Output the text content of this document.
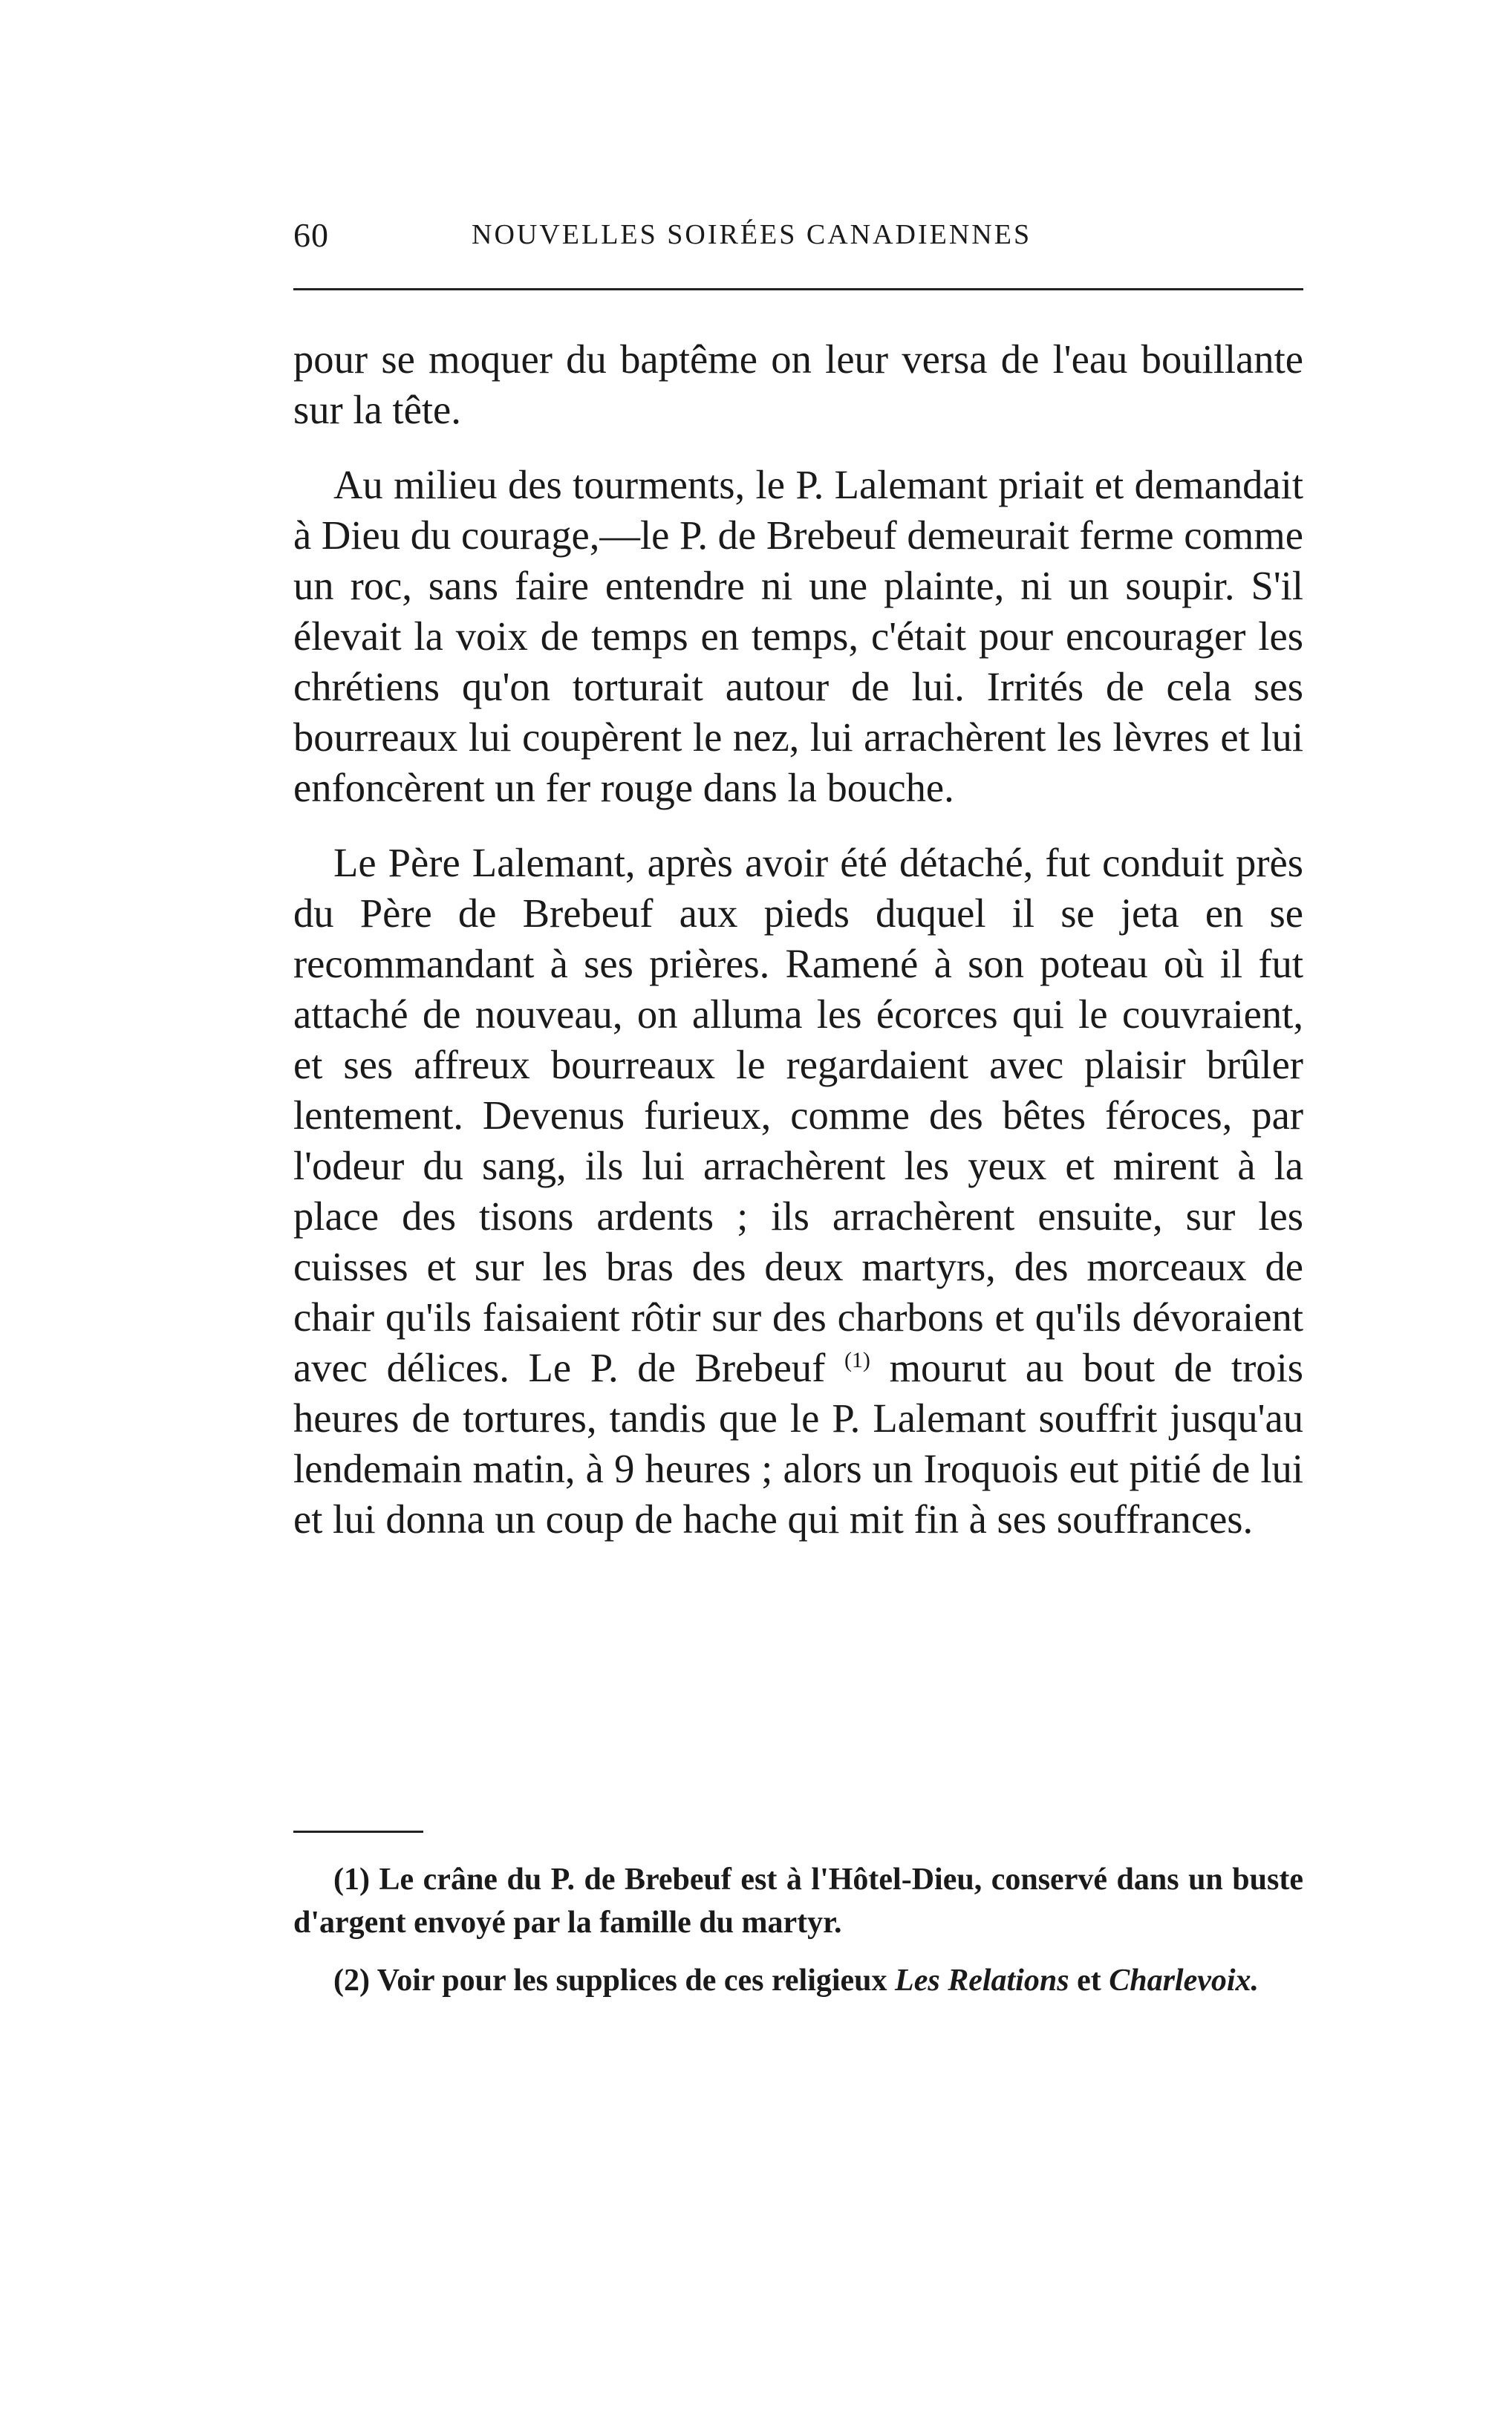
60	NOUVELLES SOIRÉES CANADIENNES

pour se moquer du baptême on leur versa de l'eau bouillante sur la tête.

Au milieu des tourments, le P. Lalemant priait et demandait à Dieu du courage,—le P. de Brebeuf demeurait ferme comme un roc, sans faire entendre ni une plainte, ni un soupir. S'il élevait la voix de temps en temps, c'était pour encourager les chrétiens qu'on torturait autour de lui. Irrités de cela ses bourreaux lui coupèrent le nez, lui arrachèrent les lèvres et lui enfoncèrent un fer rouge dans la bouche.

Le Père Lalemant, après avoir été détaché, fut conduit près du Père de Brebeuf aux pieds duquel il se jeta en se recommandant à ses prières. Ramené à son poteau où il fut attaché de nouveau, on alluma les écorces qui le couvraient, et ses affreux bourreaux le regardaient avec plaisir brûler lentement. Devenus furieux, comme des bêtes féroces, par l'odeur du sang, ils lui arrachèrent les yeux et mirent à la place des tisons ardents ; ils arrachèrent ensuite, sur les cuisses et sur les bras des deux martyrs, des morceaux de chair qu'ils faisaient rôtir sur des charbons et qu'ils dévoraient avec délices. Le P. de Brebeuf $^{(1)}$ mourut au bout de trois heures de tortures, tandis que le P. Lalemant souffrit jusqu'au lendemain matin, à 9 heures ; alors un Iroquois eut pitié de lui et lui donna un coup de hache qui mit fin à ses souffrances.

(1) Le crâne du P. de Brebeuf est à l'Hôtel-Dieu, conservé dans un buste d'argent envoyé par la famille du martyr.

(2) Voir pour les supplices de ces religieux Les Relations et Charlevoix.
